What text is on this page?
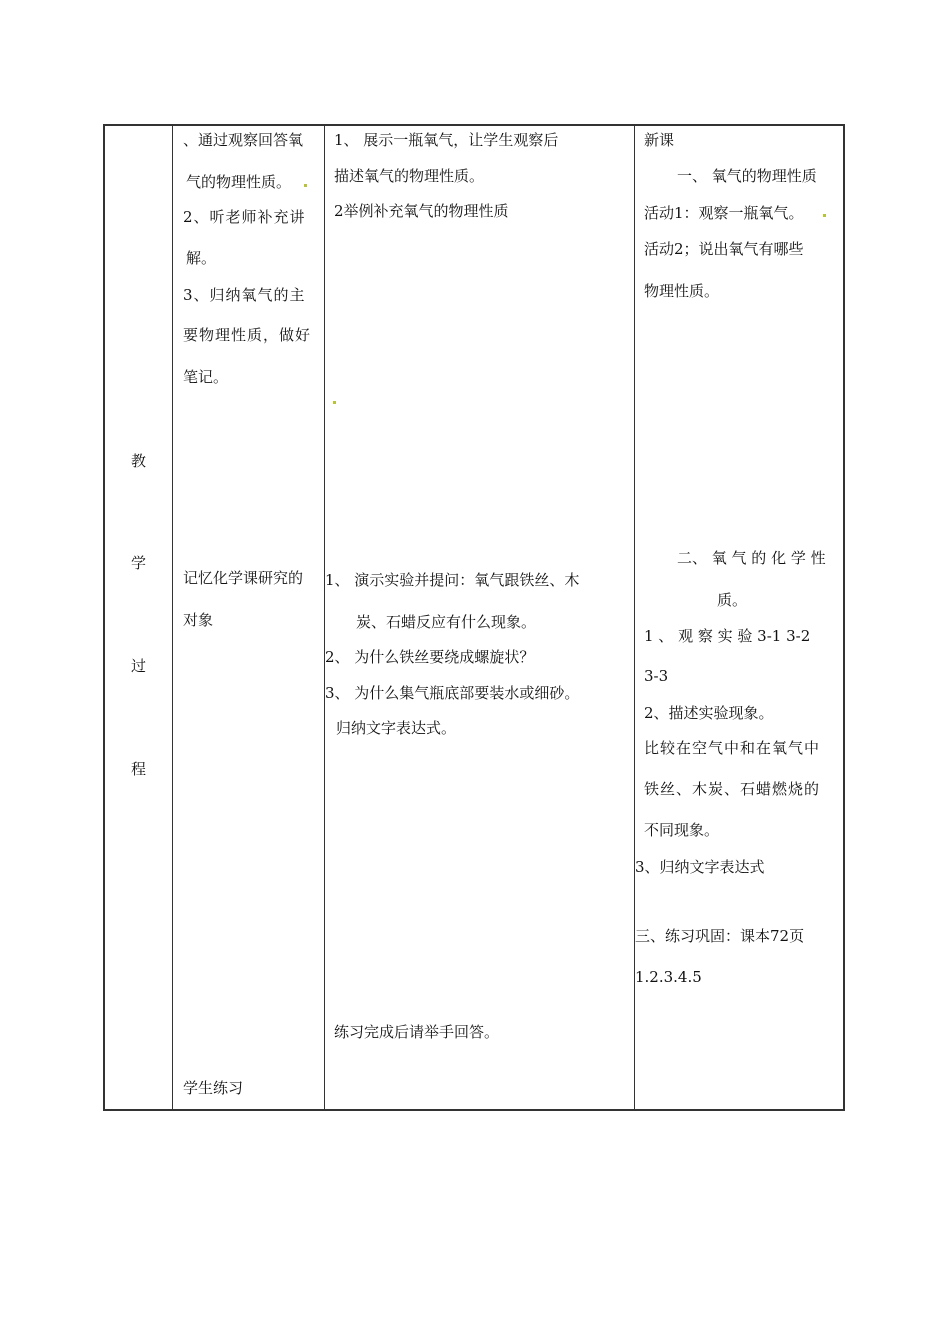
教
学
过
程
、通过观察回答氧
气的物理性质。
2、听老师补充讲
解。
3、归纳氧气的主
要物理性质，做好
笔记。
记忆化学课研究的
对象
学生练习
1、 展示一瓶氧气，让学生观察后
描述氧气的物理性质。
2举例补充氧气的物理性质
1、 演示实验并提问：氧气跟铁丝、木
炭、石蜡反应有什么现象。
2、 为什么铁丝要绕成螺旋状？
3、 为什么集气瓶底部要装水或细砂。
归纳文字表达式。
练习完成后请举手回答。
新课
一、 氧气的物理性质
活动1：观察一瓶氧气。
活动2；说出氧气有哪些
物理性质。
二、 氧 气 的 化 学 性
质。
1 、 观 察 实 验 3-1 3-2
3-3
2、描述实验现象。
比较在空气中和在氧气中
铁丝、木炭、石蜡燃烧的
不同现象。
3、归纳文字表达式
三、练习巩固：课本72页
1.2.3.4.5
